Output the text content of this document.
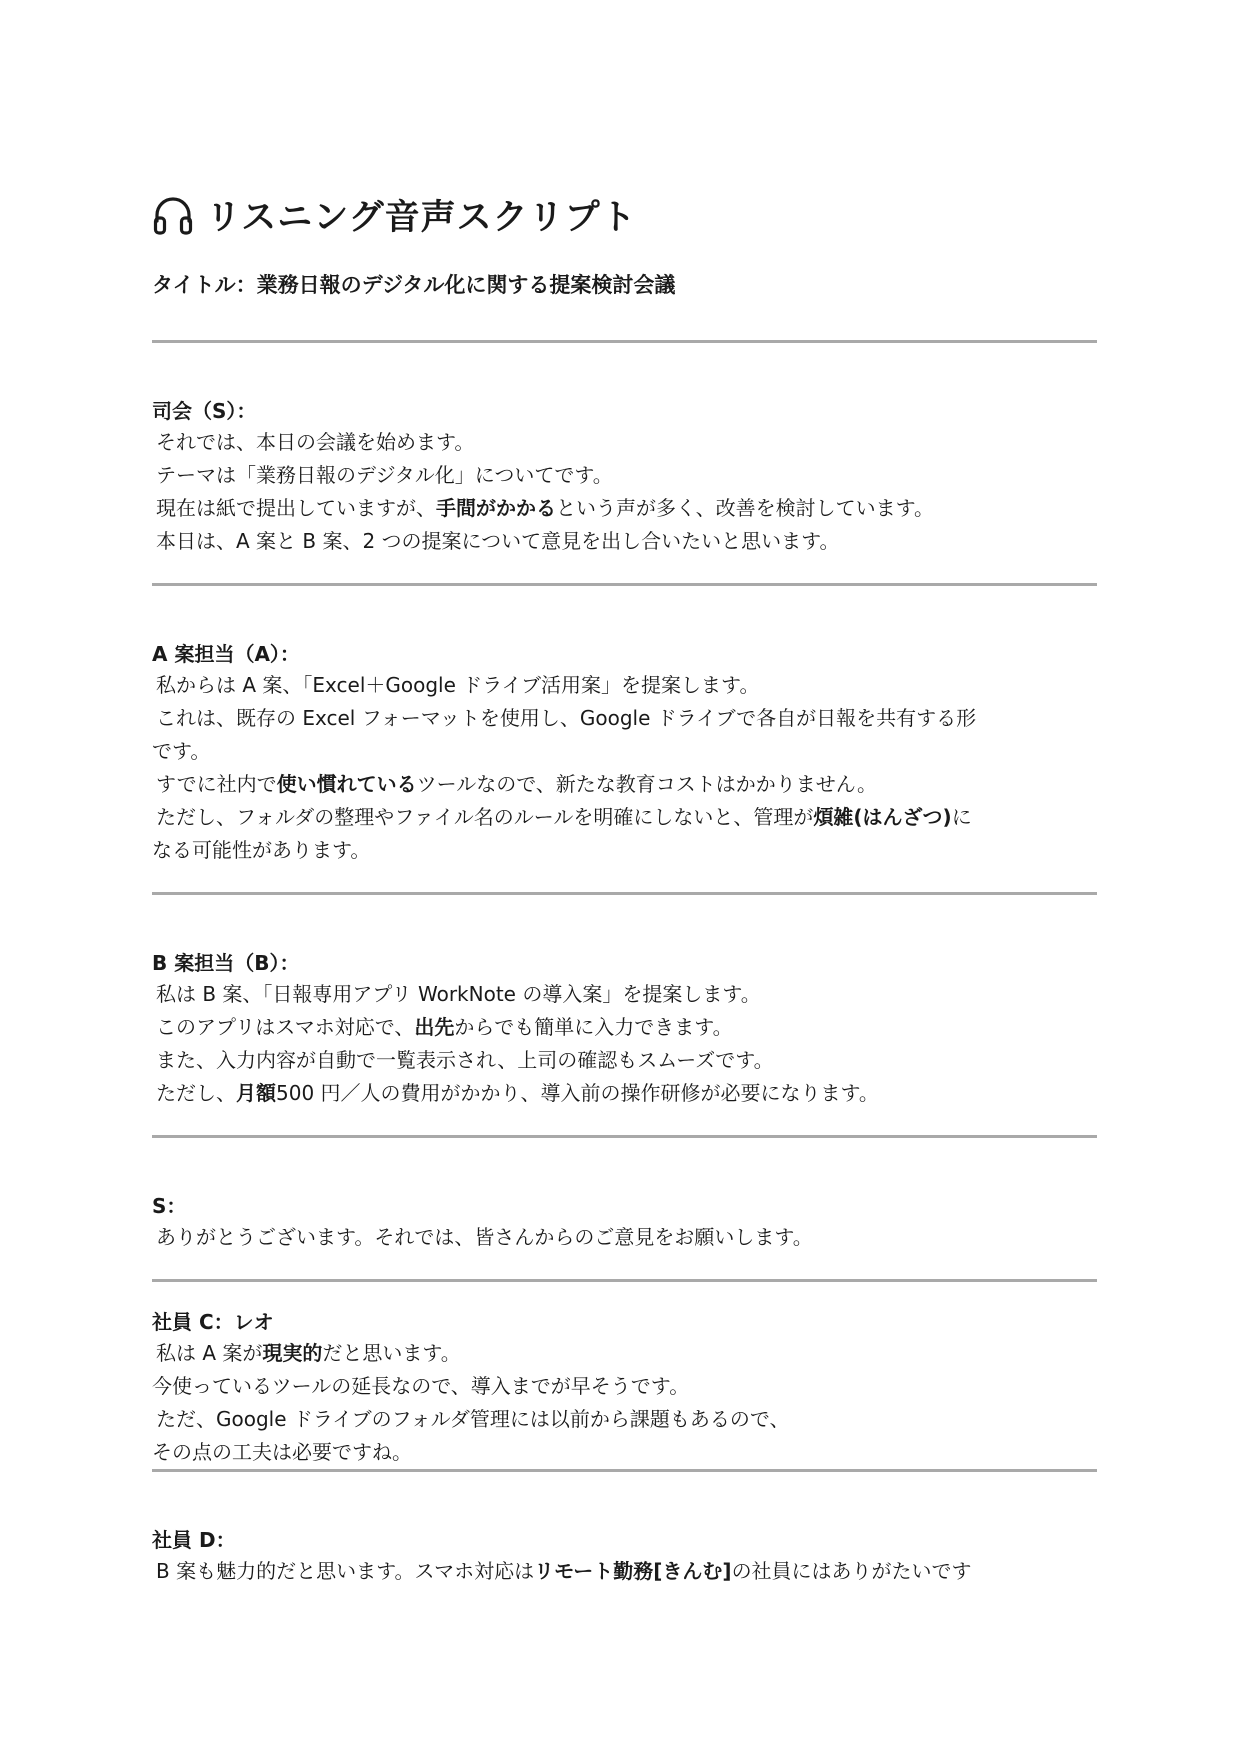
リスニング音声スクリプト
タイトル：業務日報のデジタル化に関する提案検討会議
司会（S）：
それでは、本日の会議を始めます。
テーマは「業務日報のデジタル化」についてです。
現在は紙で提出していますが、手間がかかるという声が多く、改善を検討しています。
本日は、A 案と B 案、2 つの提案について意見を出し合いたいと思います。
A 案担当（A）：
私からは A 案、「Excel＋Google ドライブ活用案」を提案します。
これは、既存の Excel フォーマットを使用し、Google ドライブで各自が日報を共有する形
です。
すでに社内で使い慣れているツールなので、新たな教育コストはかかりません。
ただし、フォルダの整理やファイル名のルールを明確にしないと、管理が煩雑(はんざつ)に
なる可能性があります。
B 案担当（B）：
私は B 案、「日報専用アプリ WorkNote の導入案」を提案します。
このアプリはスマホ対応で、出先からでも簡単に入力できます。
また、入力内容が自動で一覧表示され、上司の確認もスムーズです。
ただし、月額500 円／人の費用がかかり、導入前の操作研修が必要になります。
S：
ありがとうございます。それでは、皆さんからのご意見をお願いします。
社員 C：レオ
私は A 案が現実的だと思います。
今使っているツールの延長なので、導入までが早そうです。
ただ、Google ドライブのフォルダ管理には以前から課題もあるので、
その点の工夫は必要ですね。
社員 D：
B 案も魅力的だと思います。スマホ対応はリモート勤務[きんむ]の社員にはありがたいです
